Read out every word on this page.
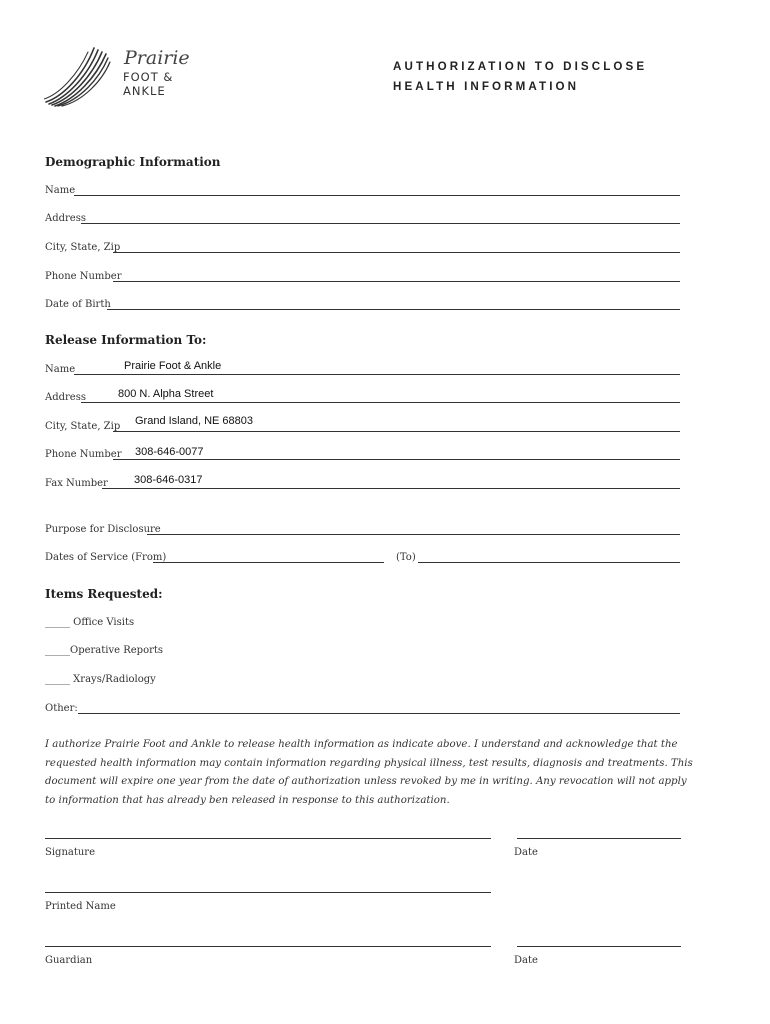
Prairie
FOOT & ANKLE
AUTHORIZATION TO DISCLOSE
HEALTH INFORMATION
Demographic Information
Name
Address
City, State, Zip
Phone Number
Date of Birth
Release Information To:
Name
Prairie Foot & Ankle
Address
800 N. Alpha Street
City, State, Zip
Grand Island, NE 68803
Phone Number
308-646-0077
Fax Number
308-646-0317
Purpose for Disclosure
Dates of Service (From)	(To)
Items Requested:
_____ Office Visits
_____Operative Reports
_____ Xrays/Radiology
Other:
I authorize Prairie Foot and Ankle to release health information as indicate above. I understand and acknowledge that the requested health information may contain information regarding physical illness, test results, diagnosis and treatments. This document will expire one year from the date of authorization unless revoked by me in writing. Any revocation will not apply to information that has already ben released in response to this authorization.
Signature	Date
Printed Name
Guardian	Date
